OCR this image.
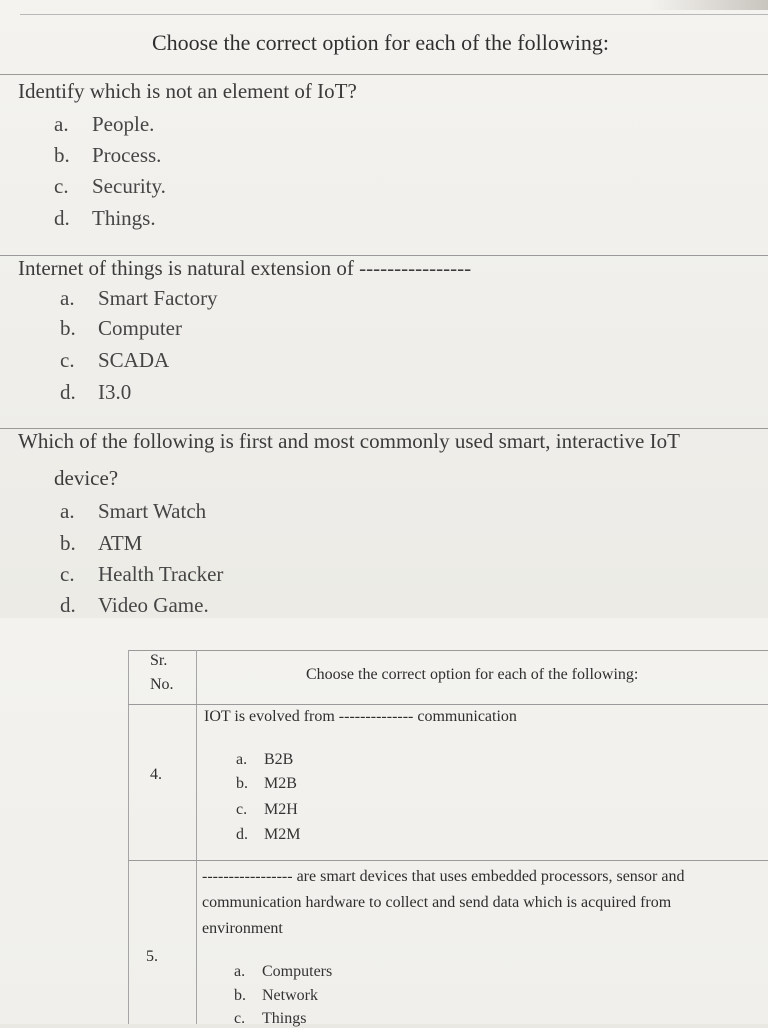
Choose the correct option for each of the following:
Identify which is not an element of IoT?
a. People.
b. Process.
c. Security.
d. Things.
Internet of things is natural extension of ----------------
a. Smart Factory
b. Computer
c. SCADA
d. I3.0
Which of the following is first and most commonly used smart, interactive IoT
device?
a. Smart Watch
b. ATM
c. Health Tracker
d. Video Game.
Sr.
No.
Choose the correct option for each of the following:
IOT is evolved from -------------- communication
4.
a. B2B
b. M2B
c. M2H
d. M2M
----------------- are smart devices that uses embedded processors, sensor and
communication hardware to collect and send data which is acquired from
environment
5.
a. Computers
b. Network
c. Things
